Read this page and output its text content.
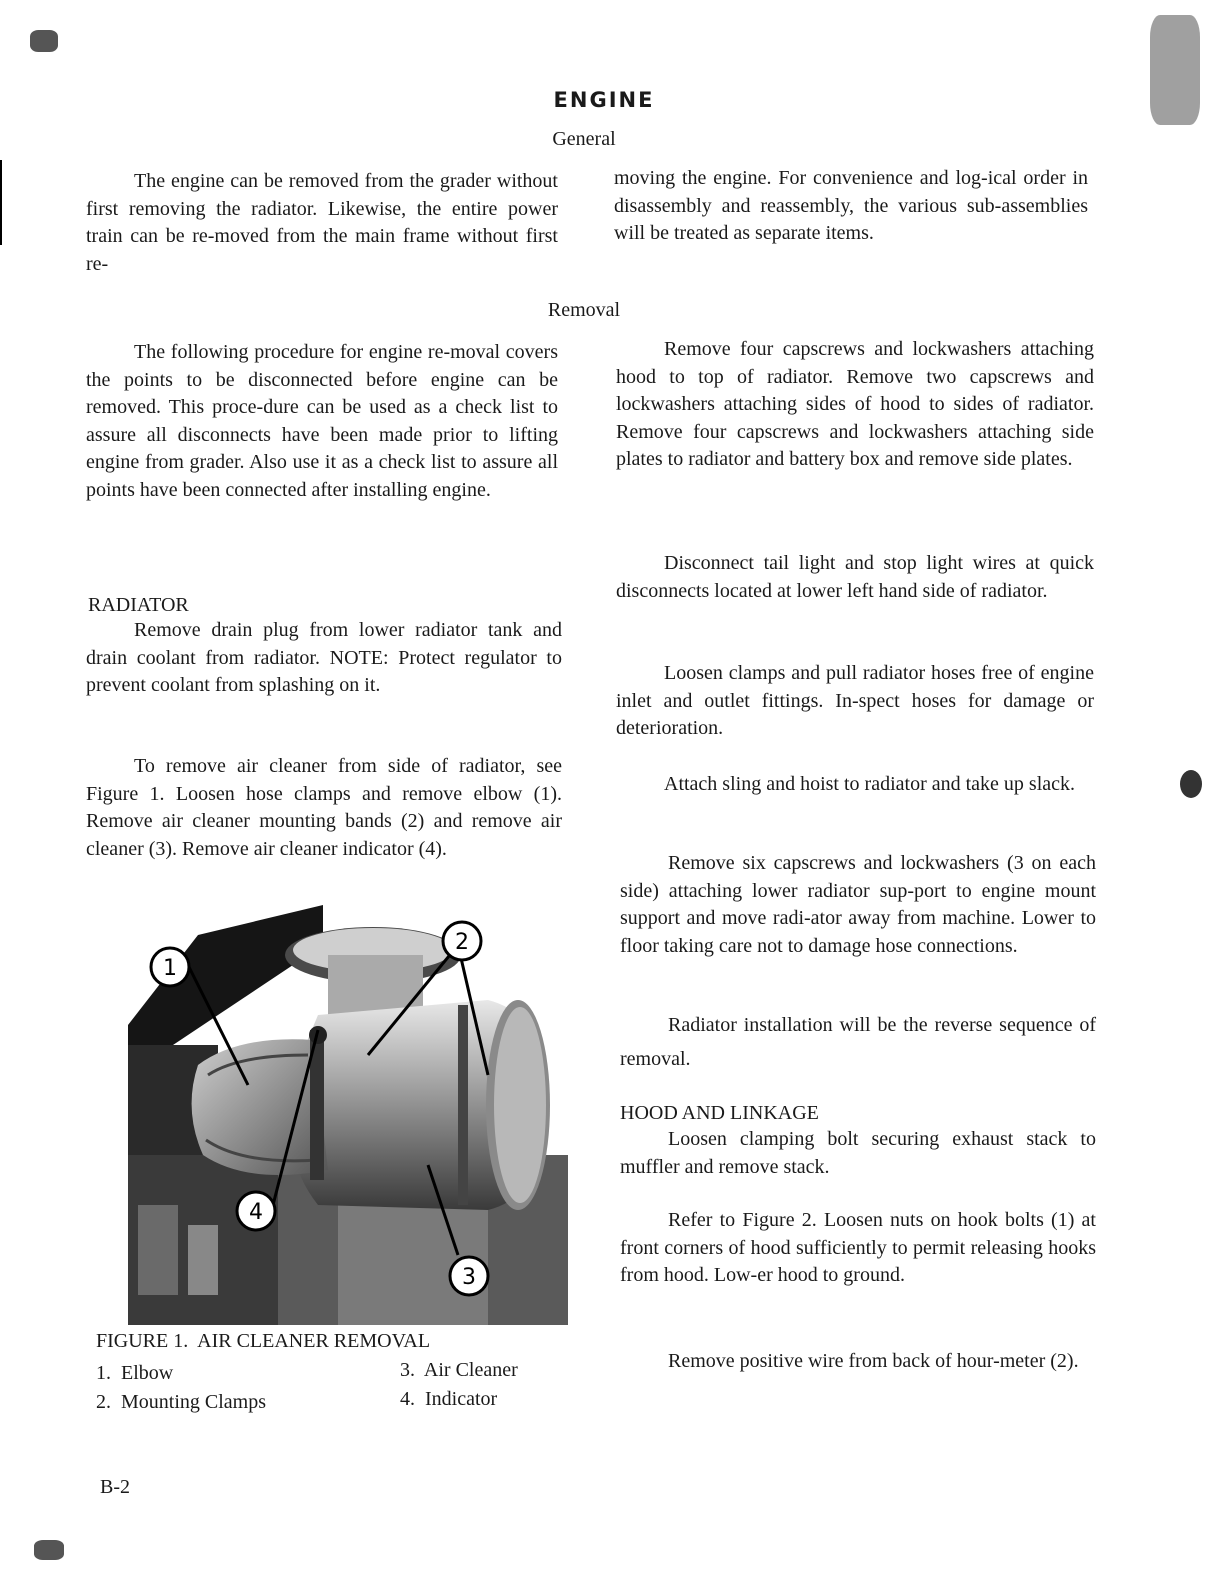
ENGINE
General
The engine can be removed from the grader without first removing the radiator. Likewise, the entire power train can be re-moved from the main frame without first re-
moving the engine. For convenience and log-ical order in disassembly and reassembly, the various sub-assemblies will be treated as separate items.
Removal
The following procedure for engine re-moval covers the points to be disconnected before engine can be removed. This proce-dure can be used as a check list to assure all disconnects have been made prior to lifting engine from grader. Also use it as a check list to assure all points have been connected after installing engine.
RADIATOR
Remove drain plug from lower radiator tank and drain coolant from radiator. NOTE: Protect regulator to prevent coolant from splashing on it.
To remove air cleaner from side of radiator, see Figure 1. Loosen hose clamps and remove elbow (1). Remove air cleaner mounting bands (2) and remove air cleaner (3). Remove air cleaner indicator (4).
1
2
4
3
FIGURE 1.  AIR CLEANER REMOVAL
1. Elbow
2. Mounting Clamps
3. Air Cleaner
4. Indicator
Remove four capscrews and lockwashers attaching hood to top of radiator. Remove two capscrews and lockwashers attaching sides of hood to sides of radiator. Remove four capscrews and lockwashers attaching side plates to radiator and battery box and remove side plates.
Disconnect tail light and stop light wires at quick disconnects located at lower left hand side of radiator.
Loosen clamps and pull radiator hoses free of engine inlet and outlet fittings. In-spect hoses for damage or deterioration.
Attach sling and hoist to radiator and take up slack.
Remove six capscrews and lockwashers (3 on each side) attaching lower radiator sup-port to engine mount support and move radi-ator away from machine. Lower to floor taking care not to damage hose connections.
Radiator installation will be the reverse sequence of removal.
HOOD AND LINKAGE
Loosen clamping bolt securing exhaust stack to muffler and remove stack.
Refer to Figure 2. Loosen nuts on hook bolts (1) at front corners of hood sufficiently to permit releasing hooks from hood. Low-er hood to ground.
Remove positive wire from back of hour-meter (2).
B-2
